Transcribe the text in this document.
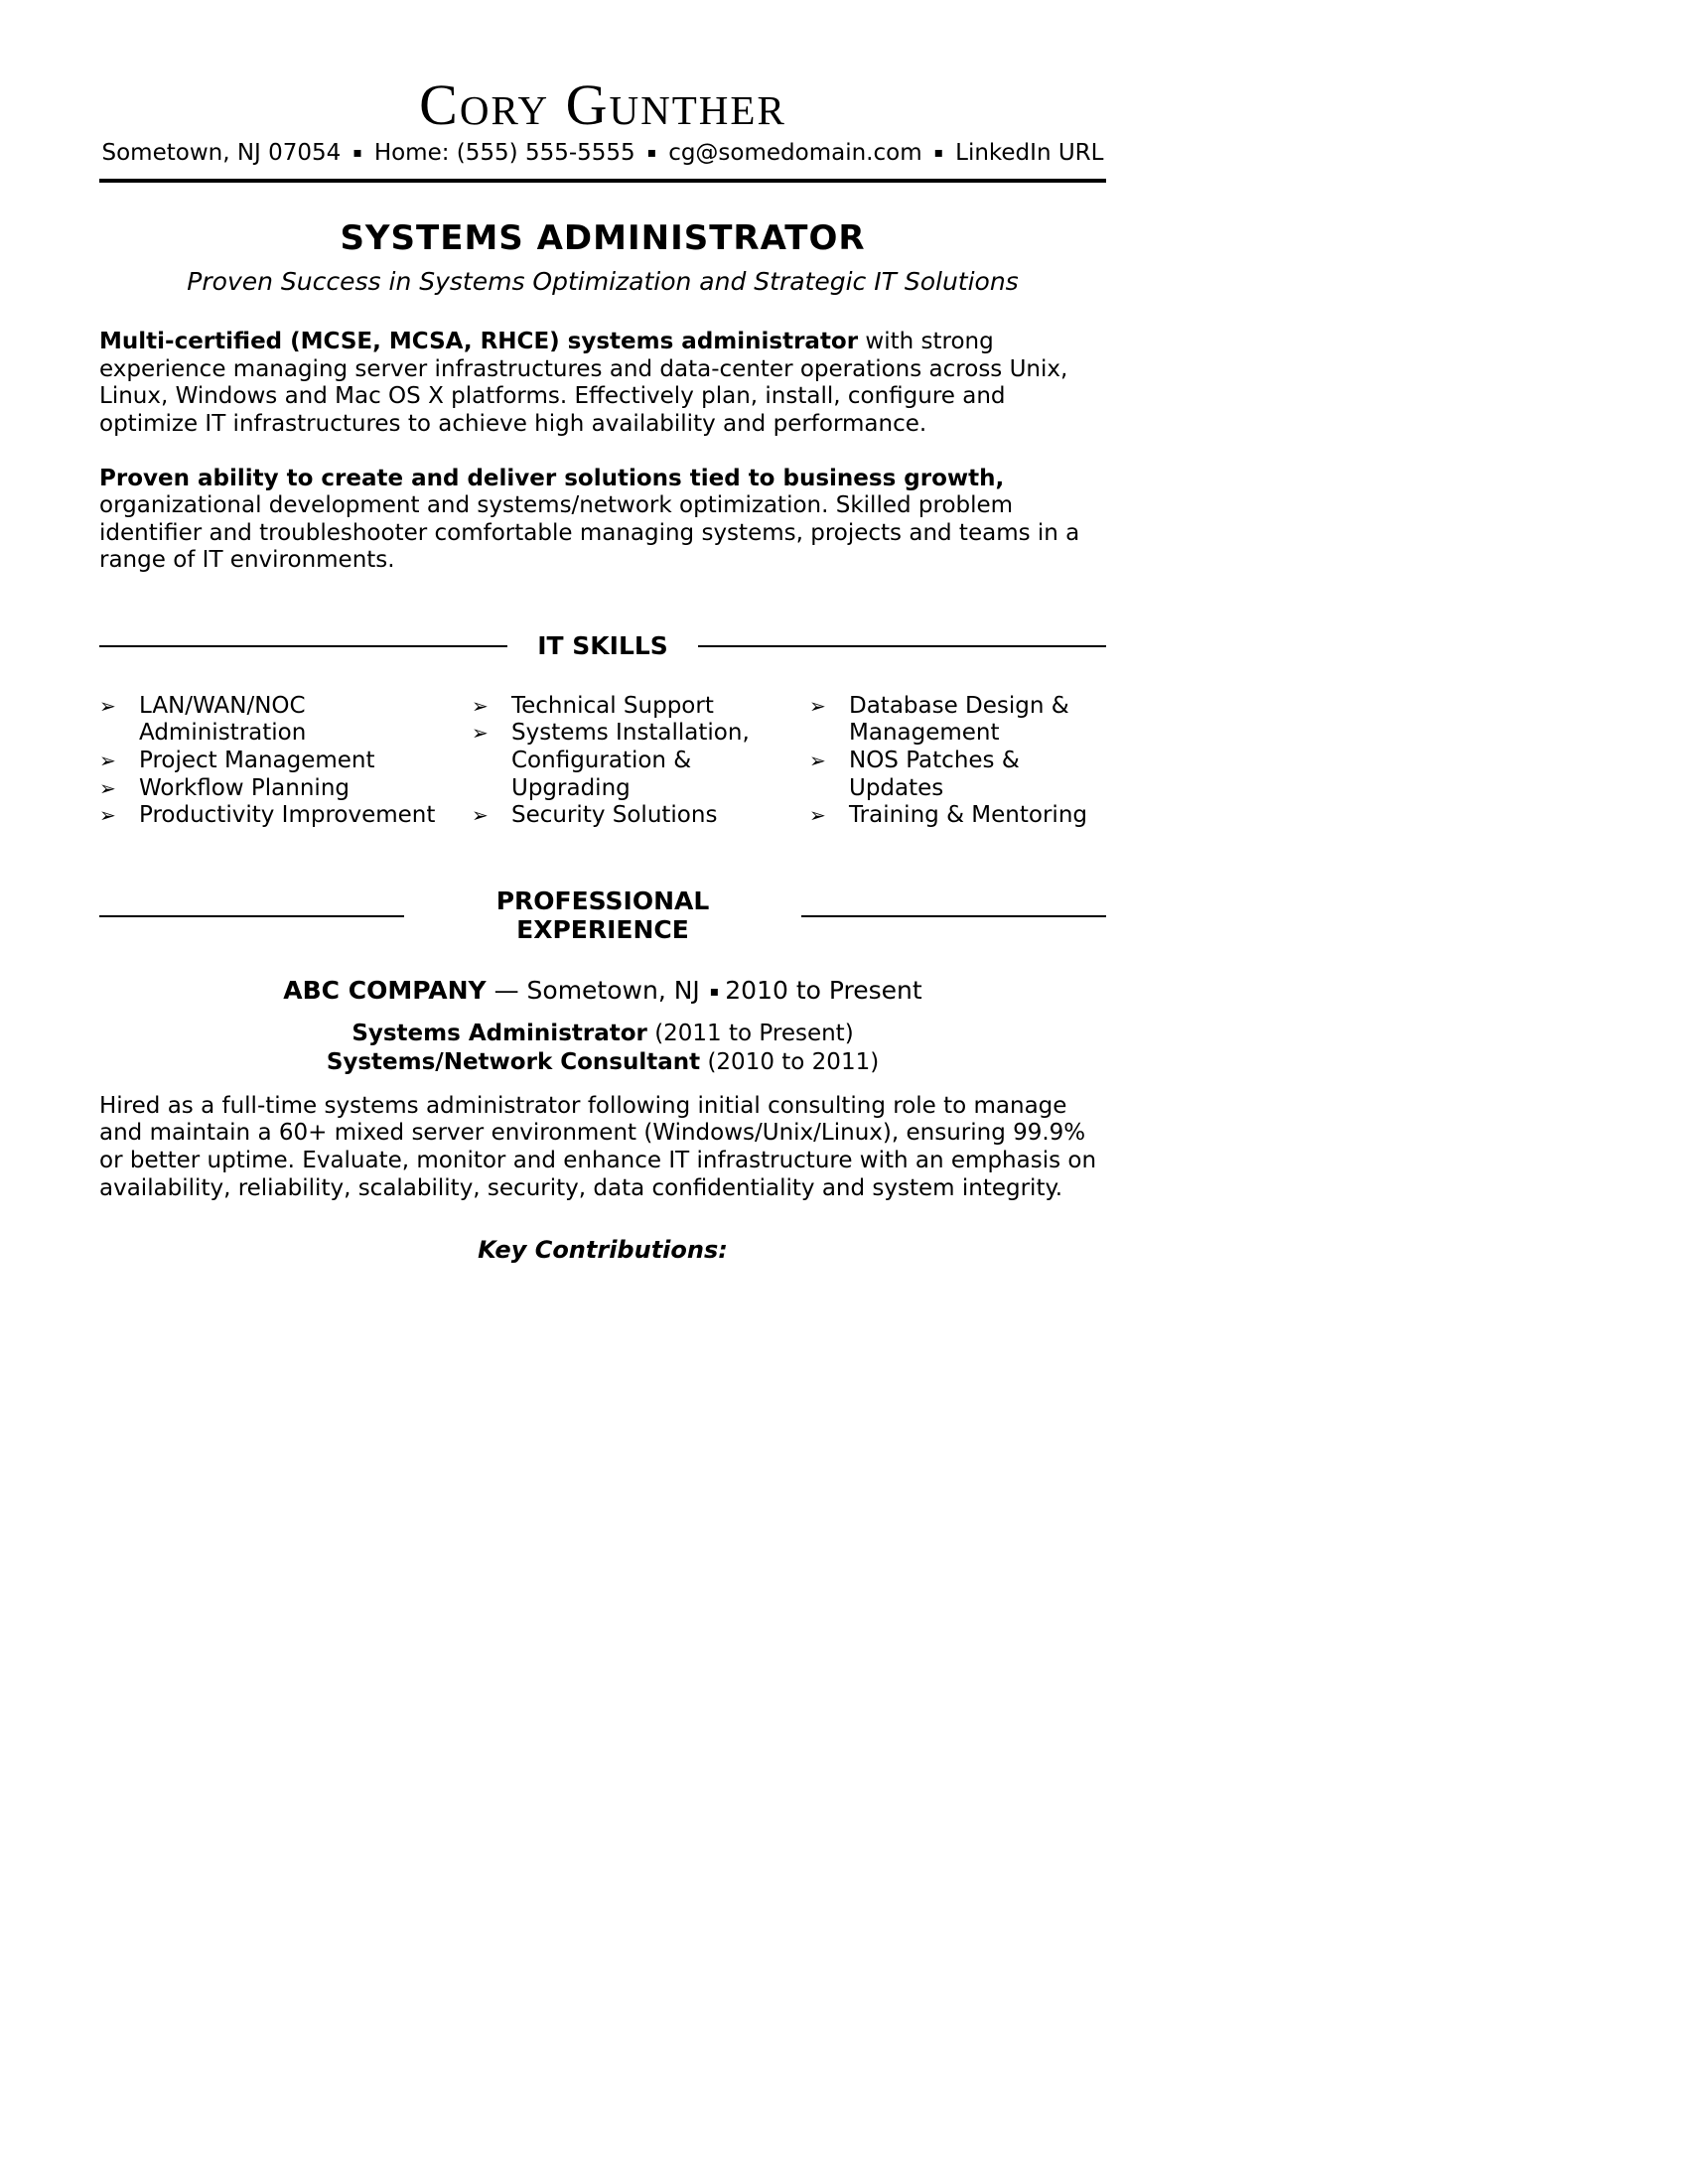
Cory Gunther
Sometown, NJ 07054 ▪ Home: (555) 555-5555 ▪ cg@somedomain.com ▪ LinkedIn URL
SYSTEMS ADMINISTRATOR
Proven Success in Systems Optimization and Strategic IT Solutions

Multi-certified (MCSE, MCSA, RHCE) systems administrator with strong experience managing server infrastructures and data-center operations across Unix, Linux, Windows and Mac OS X platforms. Effectively plan, install, configure and optimize IT infrastructures to achieve high availability and performance.

Proven ability to create and deliver solutions tied to business growth, organizational development and systems/network optimization. Skilled problem identifier and troubleshooter comfortable managing systems, projects and teams in a range of IT environments.

IT SKILLS
➢	LAN/WAN/NOC Administration
➢	Project Management
➢	Workflow Planning
➢	Productivity Improvement
➢	Technical Support
➢	Systems Installation, Configuration & Upgrading
➢	Security Solutions
➢	Database Design & Management
➢	NOS Patches & Updates
➢	Training & Mentoring
PROFESSIONAL EXPERIENCE
ABC COMPANY — Sometown, NJ ▪ 2010 to Present
Systems Administrator (2011 to Present)
Systems/Network Consultant (2010 to 2011)

Hired as a full-time systems administrator following initial consulting role to manage and maintain a 60+ mixed server environment (Windows/Unix/Linux), ensuring 99.9% or better uptime. Evaluate, monitor and enhance IT infrastructure with an emphasis on availability, reliability, scalability, security, data confidentiality and system integrity.

Key Contributions:
